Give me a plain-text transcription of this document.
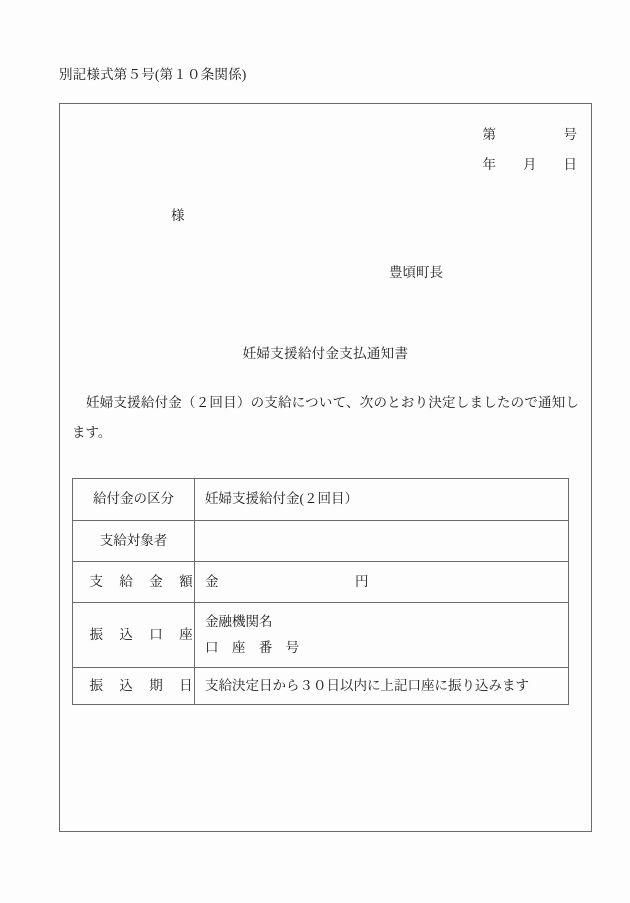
別記様式第５号(第１０条関係)
第　　　　　号
年　　月　　日
様
豊頃町長
妊婦支援給付金支払通知書
妊婦支援給付金（２回目）の支給について、次のとおり決定しましたので通知します。
給付金の区分	妊婦支援給付金(２回目）
支給対象者	
支 給 金 額	金 円

振 込 口 座	金融機関名
口 座 番 号

振 込 期 日	支給決定日から３０日以内に上記口座に振り込みます
